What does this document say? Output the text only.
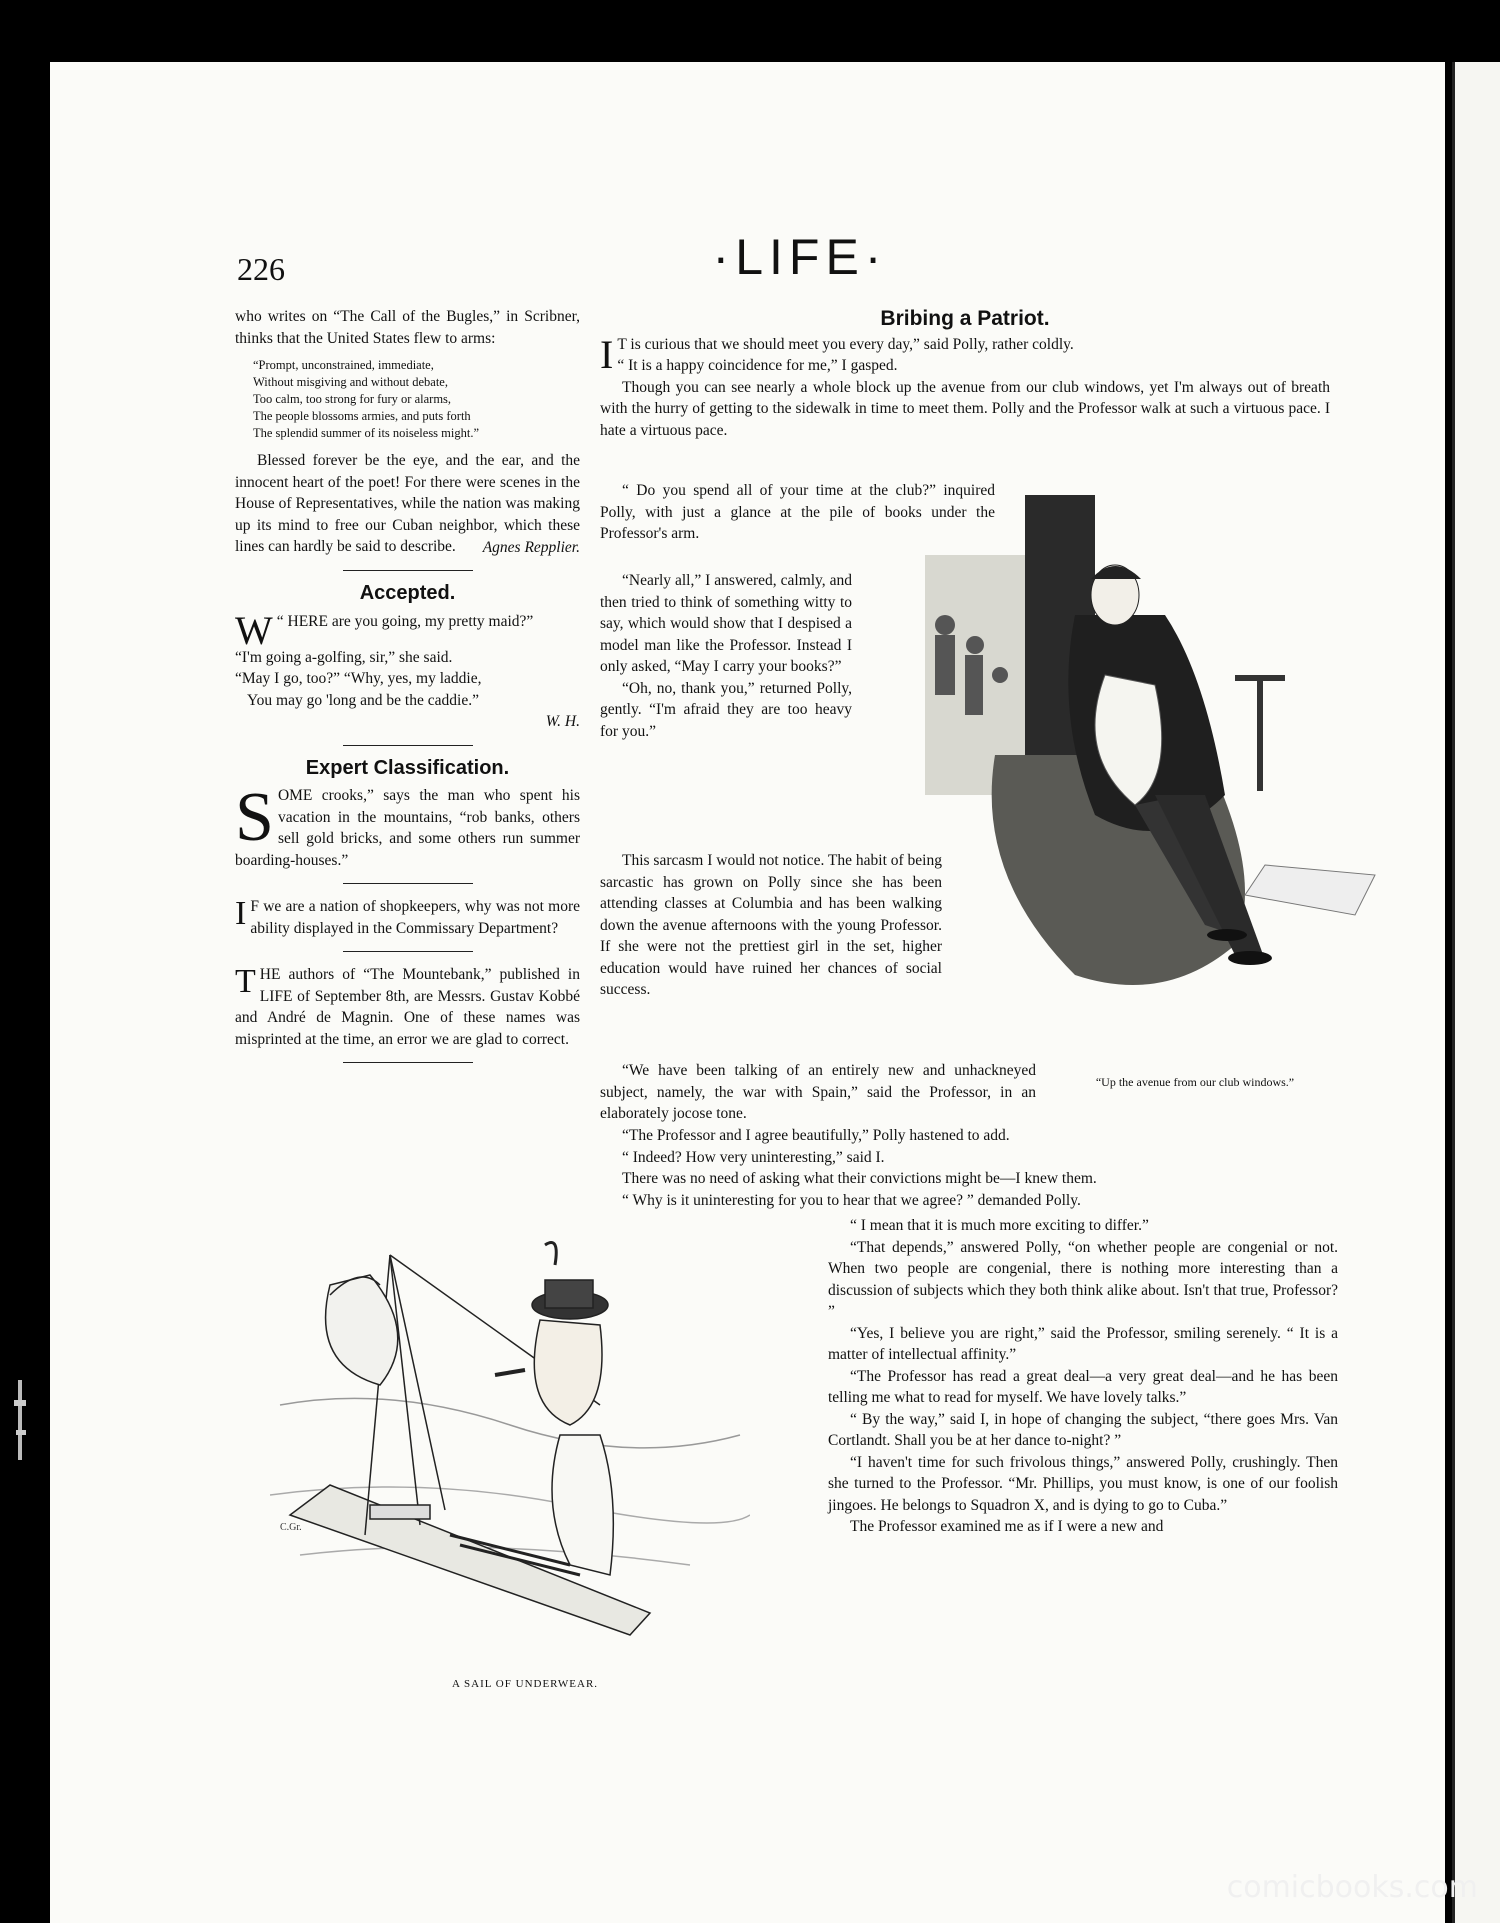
226	·LIFE·

who writes on “The Call of the Bugles,” in Scribner, thinks that the United States flew to arms:

“Prompt, unconstrained, immediate,
Without misgiving and without debate,
Too calm, too strong for fury or alarms,
The people blossoms armies, and puts forth
The splendid summer of its noiseless might.”

Blessed forever be the eye, and the ear, and the innocent heart of the poet! For there were scenes in the House of Representatives, while the nation was making up its mind to free our Cuban neighbor, which these lines can hardly be said to describe.	Agnes Repplier.
Accepted.
W “ HERE are you going, my pretty maid?”
“I'm going a-golfing, sir,” she said.
“May I go, too?” “Why, yes, my laddie,
You may go 'long and be the caddie.”
W. H.
Expert Classification.

SOME crooks,” says the man who spent his vacation in the mountains, “rob banks, others sell gold bricks, and some others run summer boarding-houses.”

I F we are a nation of shopkeepers, why was not more ability displayed in the Commissary Department?

THE authors of “The Mountebank,” published in LIFE of September 8th, are Messrs. Gustav Kobbé and André de Magnin. One of these names was misprinted at the time, an error we are glad to correct.

C.Gr.
A SAIL OF UNDERWEAR.
“Up the avenue from our club windows.”
Bribing a Patriot.

I T is curious that we should meet you every day,” said Polly, rather coldly.

“ It is a happy coincidence for me,” I gasped.

Though you can see nearly a whole block up the avenue from our club windows, yet I'm always out of breath with the hurry of getting to the sidewalk in time to meet them. Polly and the Professor walk at such a virtuous pace. I hate a virtuous pace.

“ Do you spend all of your time at the club?” inquired Polly, with just a glance at the pile of books under the Professor's arm.

“Nearly all,” I answered, calmly, and then tried to think of something witty to say, which would show that I despised a model man like the Professor. Instead I only asked, “May I carry your books?”

“Oh, no, thank you,” returned Polly, gently. “I'm afraid they are too heavy for you.”

This sarcasm I would not notice. The habit of being sarcastic has grown on Polly since she has been attending classes at Columbia and has been walking down the avenue afternoons with the young Professor. If she were not the prettiest girl in the set, higher education would have ruined her chances of social success.

“We have been talking of an entirely new and unhackneyed subject, namely, the war with Spain,” said the Professor, in an elaborately jocose tone.

“The Professor and I agree beautifully,” Polly hastened to add.

“ Indeed? How very uninteresting,” said I.

There was no need of asking what their convictions might be—I knew them.

“ Why is it uninteresting for you to hear that we agree? ” demanded Polly.

“ I mean that it is much more exciting to differ.”

“That depends,” answered Polly, “on whether people are congenial or not. When two people are congenial, there is nothing more interesting than a discussion of subjects which they both think alike about. Isn't that true, Professor? ”

“Yes, I believe you are right,” said the Professor, smiling serenely. “ It is a matter of intellectual affinity.”

“The Professor has read a great deal—a very great deal—and he has been telling me what to read for myself. We have lovely talks.”

“ By the way,” said I, in hope of changing the subject, “there goes Mrs. Van Cortlandt. Shall you be at her dance to-night? ”

“I haven't time for such frivolous things,” answered Polly, crushingly. Then she turned to the Professor. “Mr. Phillips, you must know, is one of our foolish jingoes. He belongs to Squadron X, and is dying to go to Cuba.”

The Professor examined me as if I were a new and

comicbooks.com
